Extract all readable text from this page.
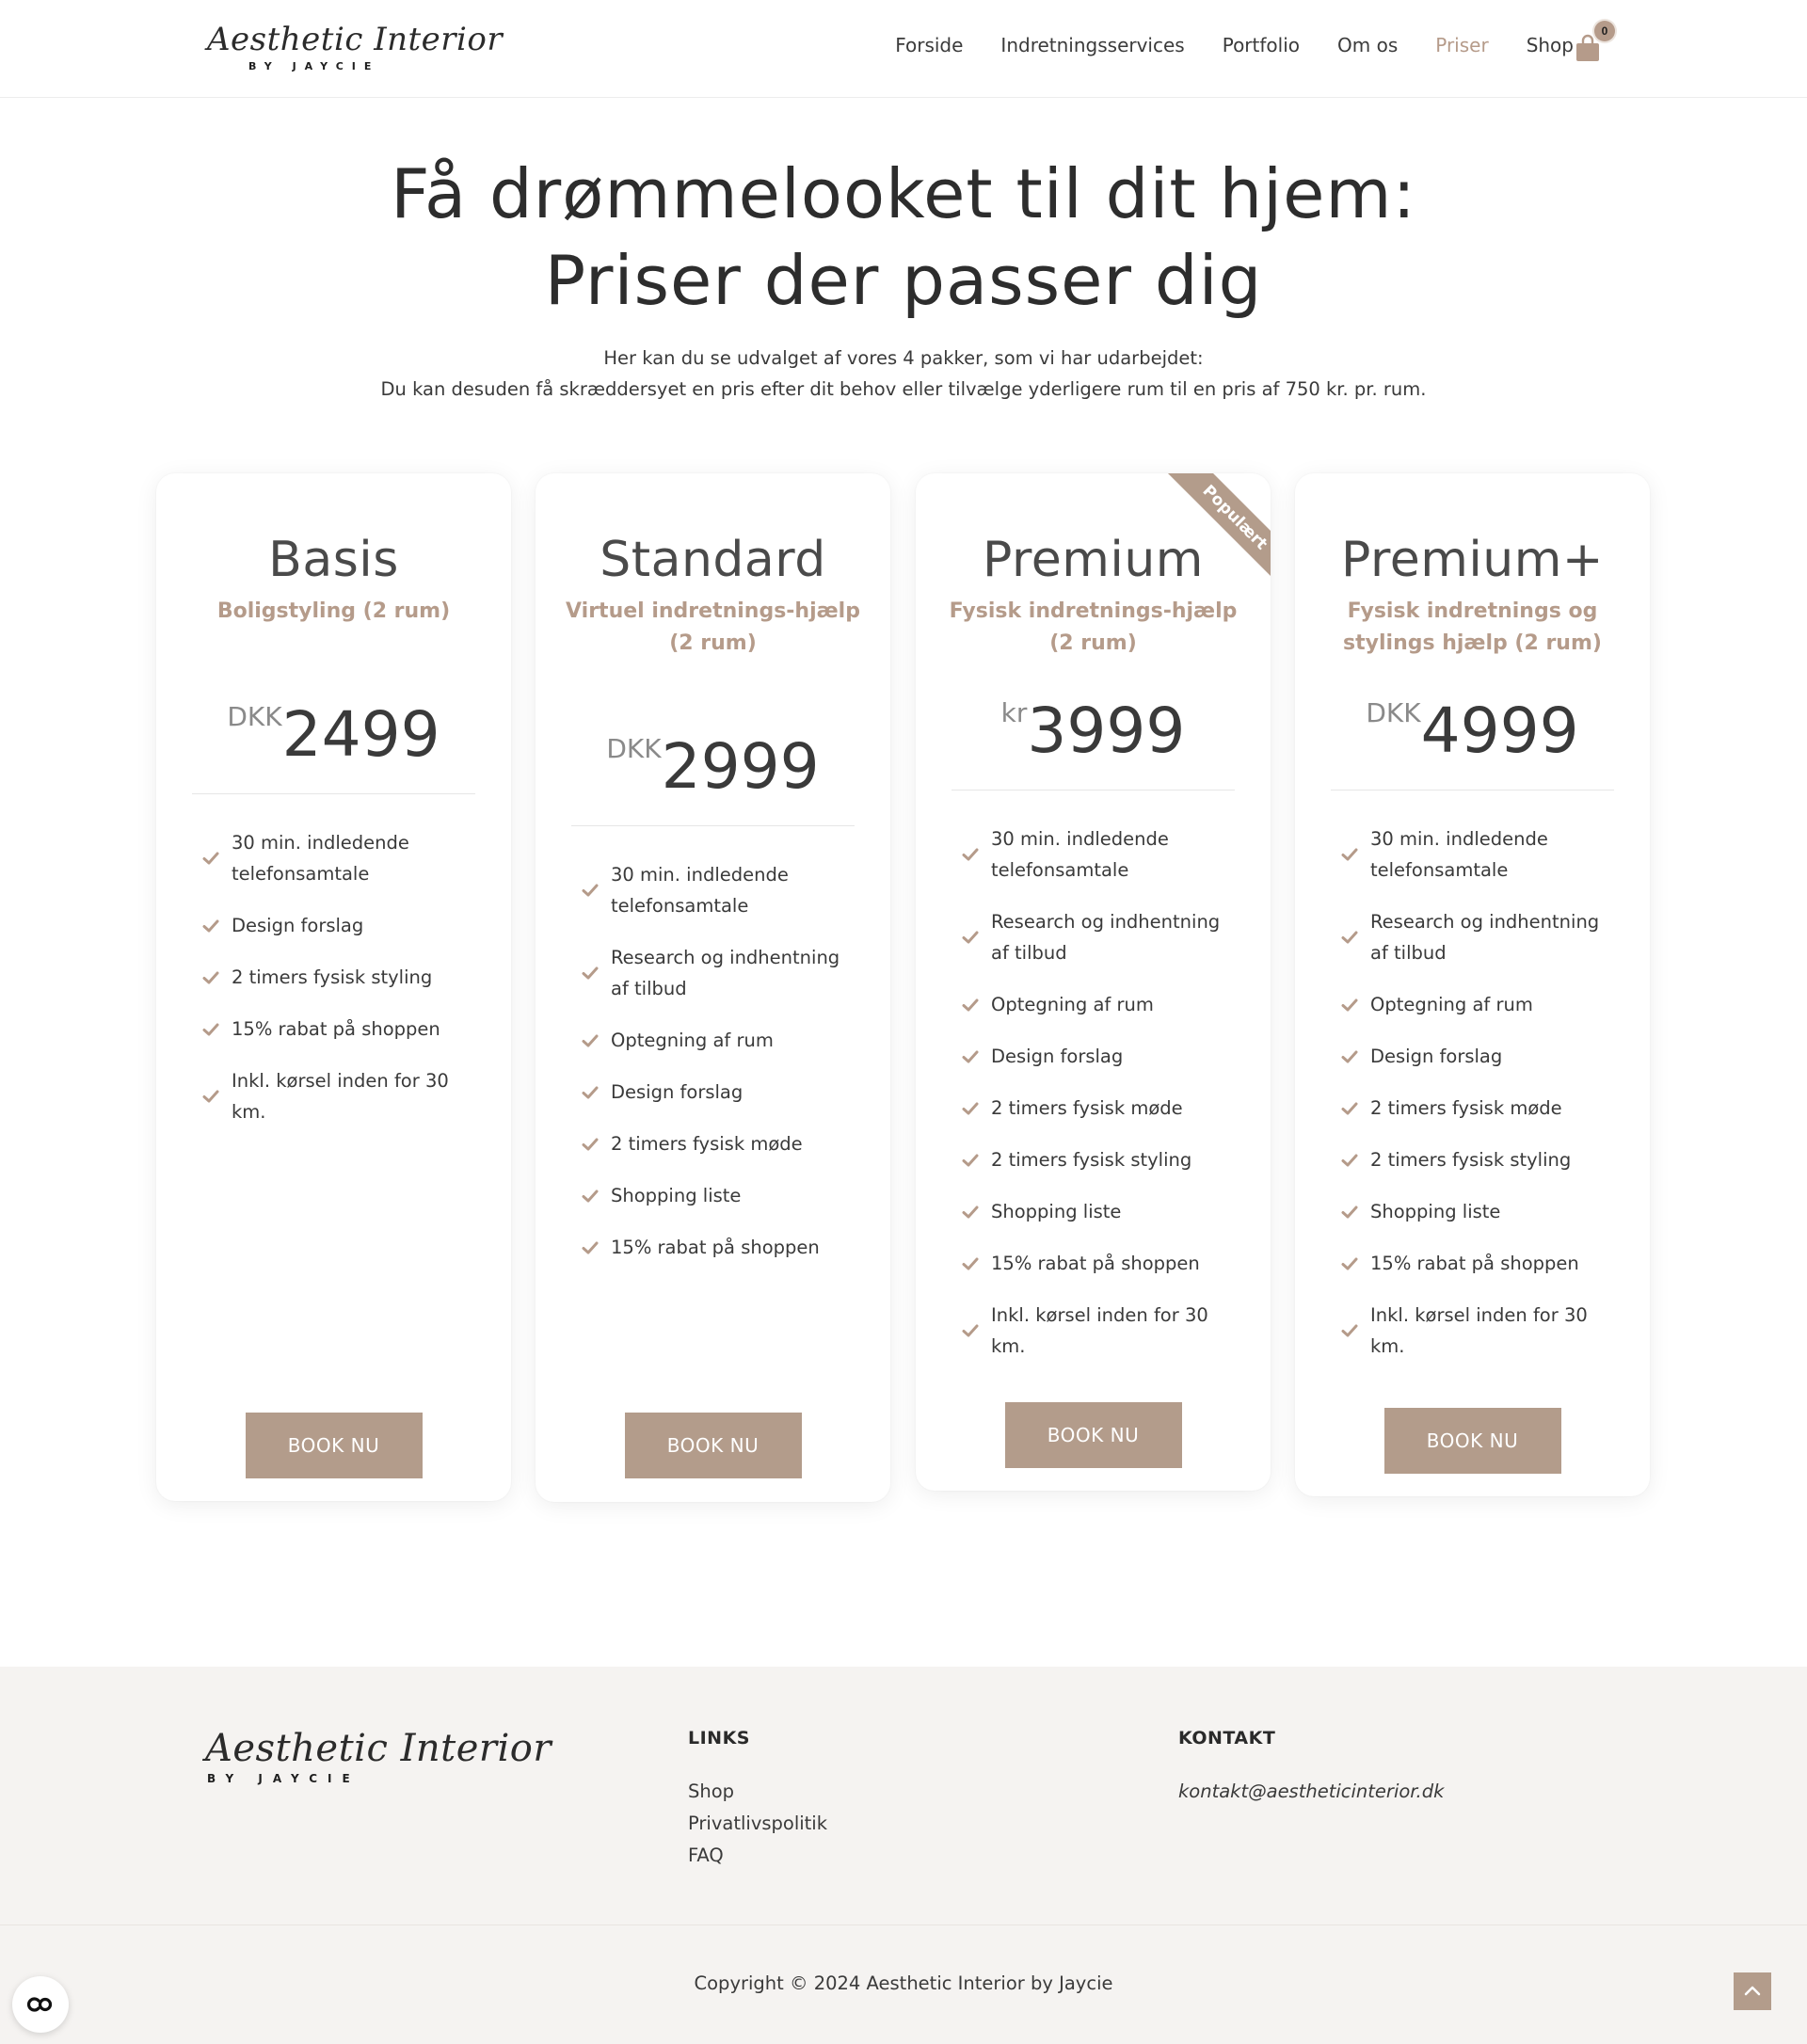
Aesthetic Interior
BY JAYCIE
Forside Indretningsservices Portfolio Om os Priser Shop
0
Få drømmelooket til dit hjem:
Priser der passer dig

Her kan du se udvalget af vores 4 pakker, som vi har udarbejdet:
Du kan desuden få skræddersyet en pris efter dit behov eller tilvælge yderligere rum til en pris af 750 kr. pr. rum.

Basis
Boligstyling (2 rum)
DKK2499
30 min. indledende telefonsamtale
Design forslag
2 timers fysisk styling
15% rabat på shoppen
Inkl. kørsel inden for 30 km.
BOOK NU
Standard
Virtuel indretnings-hjælp (2 rum)
DKK2999
30 min. indledende telefonsamtale
Research og indhentning af tilbud
Optegning af rum
Design forslag
2 timers fysisk møde
Shopping liste
15% rabat på shoppen
BOOK NU
Populært
Premium
Fysisk indretnings-hjælp (2 rum)
kr3999
30 min. indledende telefonsamtale
Research og indhentning af tilbud
Optegning af rum
Design forslag
2 timers fysisk møde
2 timers fysisk styling
Shopping liste
15% rabat på shoppen
Inkl. kørsel inden for 30 km.
BOOK NU
Premium+
Fysisk indretnings og stylings hjælp (2 rum)
DKK4999
30 min. indledende telefonsamtale
Research og indhentning af tilbud
Optegning af rum
Design forslag
2 timers fysisk møde
2 timers fysisk styling
Shopping liste
15% rabat på shoppen
Inkl. kørsel inden for 30 km.
BOOK NU
Aesthetic Interior
BY JAYCIE
LINKS
Shop
Privatlivspolitik
FAQ
KONTAKT
kontakt@aestheticinterior.dk
Copyright © 2024 Aesthetic Interior by Jaycie
